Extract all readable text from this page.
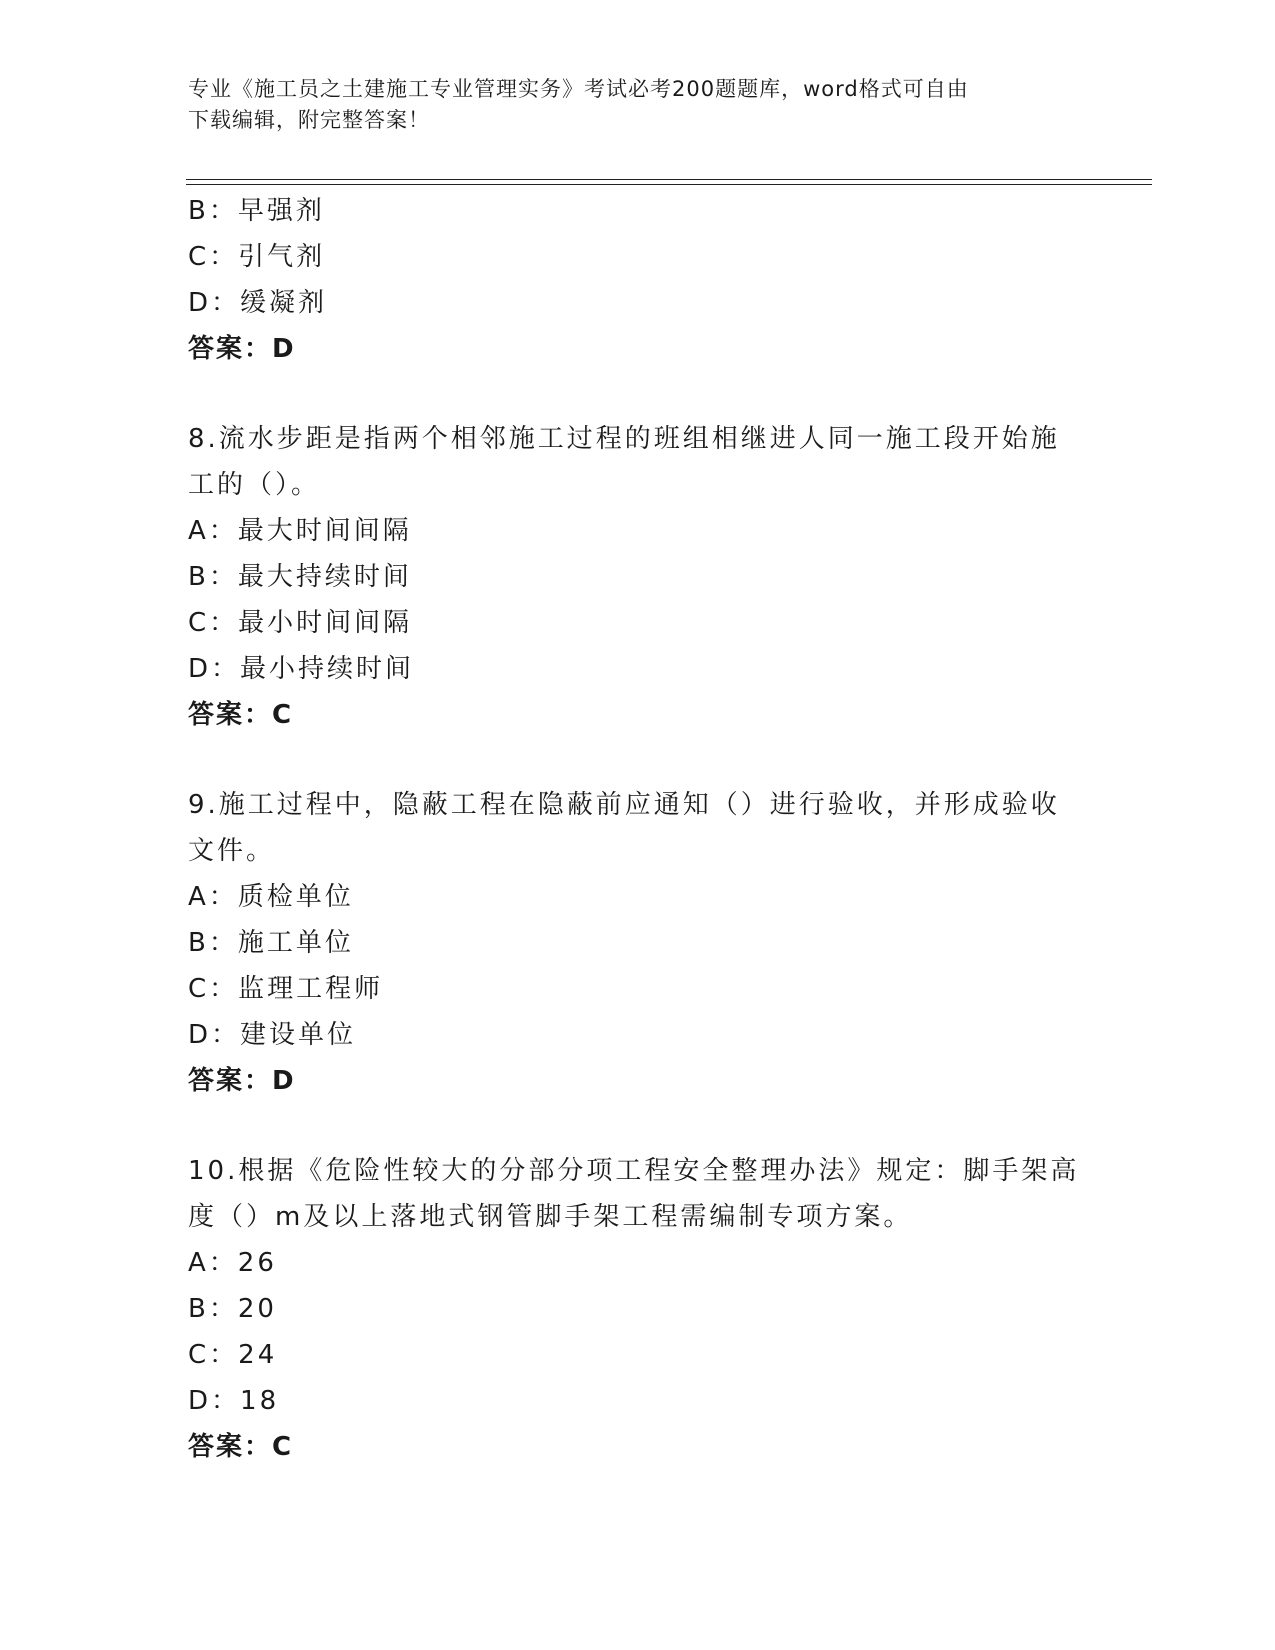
专业《施工员之土建施工专业管理实务》考试必考200题题库，word格式可自由
下载编辑，附完整答案！
B：早强剂
C：引气剂
D：缓凝剂
答案：D
8.流水步距是指两个相邻施工过程的班组相继进人同一施工段开始施
工的（）。
A：最大时间间隔
B：最大持续时间
C：最小时间间隔
D：最小持续时间
答案：C
9.施工过程中，隐蔽工程在隐蔽前应通知（）进行验收，并形成验收
文件。
A：质检单位
B：施工单位
C：监理工程师
D：建设单位
答案：D
10.根据《危险性较大的分部分项工程安全整理办法》规定：脚手架高
度（）m及以上落地式钢管脚手架工程需编制专项方案。
A：26
B：20
C：24
D：18
答案：C
